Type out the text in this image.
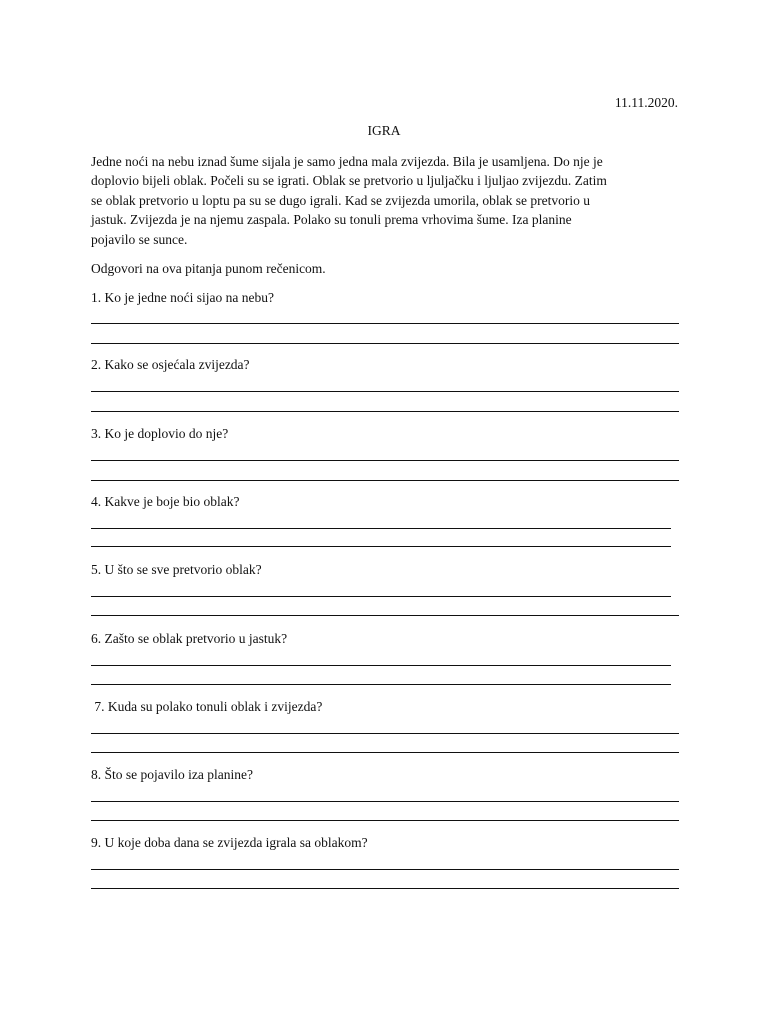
11.11.2020.
IGRA
Jedne noći na nebu iznad šume sijala je samo jedna mala zvijezda. Bila je usamljena. Do nje je
doplovio bijeli oblak. Počeli su se igrati. Oblak se pretvorio u ljuljačku i ljuljao zvijezdu. Zatim
se oblak pretvorio u loptu pa su se dugo igrali. Kad se zvijezda umorila, oblak se pretvorio u
jastuk. Zvijezda je na njemu zaspala. Polako su tonuli prema vrhovima šume. Iza planine
pojavilo se sunce.
Odgovori na ova pitanja punom rečenicom.
1. Ko je jedne noći sijao na nebu?
2. Kako se osjećala zvijezda?
3. Ko je doplovio do nje?
4. Kakve je boje bio oblak?
5. U što se sve pretvorio oblak?
6. Zašto se oblak pretvorio u jastuk?
7. Kuda su polako tonuli oblak i zvijezda?
8. Što se pojavilo iza planine?
9. U koje doba dana se zvijezda igrala sa oblakom?
